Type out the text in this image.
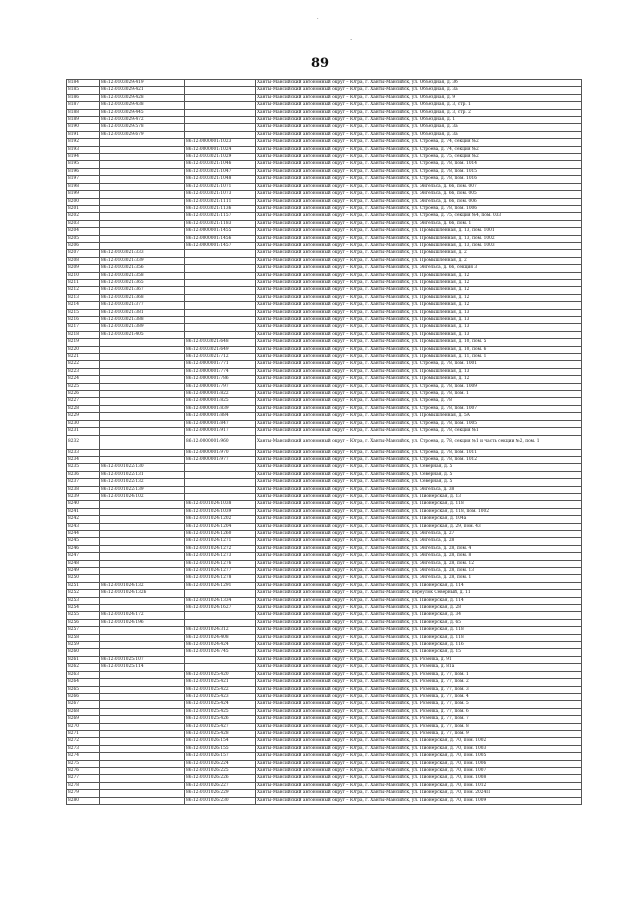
˙
·
89
8184	86:12:0103029:419		Ханты-Мансийский автономный округ – Югра, г. Ханты-Мансийск, ул. Объездная, д. 3б
8185	86:12:0103029:421		Ханты-Мансийский автономный округ – Югра, г. Ханты-Мансийск, ул. Объездная, д. 3а
8186	86:12:0103029:428		Ханты-Мансийский автономный округ – Югра, г. Ханты-Мансийск, ул. Объездная, д. 9
8187	86:12:0103029:438		Ханты-Мансийский автономный округ – Югра, г. Ханты-Мансийск, ул. Объездная, д. 3, стр. 1
8188	86:12:0103029:445		Ханты-Мансийский автономный округ – Югра, г. Ханты-Мансийск, ул. Объездная, д. 3, стр. 2
8189	86:12:0103029:472		Ханты-Мансийский автономный округ – Югра, г. Ханты-Мансийск, ул. Объездная, д. 1
8190	86:12:0103029:578		Ханты-Мансийский автономный округ – Югра, г. Ханты-Мансийск, ул. Объездная, д. 3а
8191	86:12:0103029:679		Ханты-Мансийский автономный округ – Югра, г. Ханты-Мансийск, ул. Объездная, д. 3а
8192		86:12:0000001:1023	Ханты-Мансийский автономный округ – Югра, г. Ханты-Мансийск, ул. Строева, д. 74, секция №2
8193		86:12:0000001:1024	Ханты-Мансийский автономный округ – Югра, г. Ханты-Мансийск, ул. Строева, д. 74, секция №2
8194		86:12:0103021:1029	Ханты-Мансийский автономный округ – Югра, г. Ханты-Мансийск, ул. Строева, д. 75, секция №2
8195		86:12:0103021:1046	Ханты-Мансийский автономный округ – Югра, г. Ханты-Мансийск, ул. Строева, д. 78, пом. 1014
8196		86:12:0103021:1047	Ханты-Мансийский автономный округ – Югра, г. Ханты-Мансийск, ул. Строева, д. 78, пом. 1015
8197		86:12:0103021:1048	Ханты-Мансийский автономный округ – Югра, г. Ханты-Мансийск, ул. Строева, д. 78, пом. 1016
8198		86:12:0103021:1071	Ханты-Мансийский автономный округ – Югра, г. Ханты-Мансийск, ул. Энгельса, д. 66, пом. 007
8199		86:12:0103021:1073	Ханты-Мансийский автономный округ – Югра, г. Ханты-Мансийск, ул. Энгельса, д. 66, пом. 005
8200		86:12:0103021:1111	Ханты-Мансийский автономный округ – Югра, г. Ханты-Мансийск, ул. Энгельса, д. 66, пом. 006
8201		86:12:0103021:1136	Ханты-Мансийский автономный округ – Югра, г. Ханты-Мансийск, ул. Строева, д. 78, пом. 1006
8202		86:12:0103021:1157	Ханты-Мансийский автономный округ – Югра, г. Ханты-Мансийск, ул. Строева, д. 75, секция №4, пом. 033
8203		86:12:0103021:1183	Ханты-Мансийский автономный округ – Югра, г. Ханты-Мансийск, ул. Энгельса, д. 66, пом. 1
8204		86:12:0000001:1455	Ханты-Мансийский автономный округ – Югра, г. Ханты-Мансийск, ул. Промышленная, д. 13, пом. 1001
8205		86:12:0000001:1456	Ханты-Мансийский автономный округ – Югра, г. Ханты-Мансийск, ул. Промышленная, д. 13, пом. 1002
8206		86:12:0000001:1457	Ханты-Мансийский автономный округ – Югра, г. Ханты-Мансийск, ул. Промышленная, д. 13, пом. 1003
8207	86:12:0103021:333		Ханты-Мансийский автономный округ – Югра, г. Ханты-Мансийск, ул. Промышленная, д. 2
8208	86:12:0103021:339		Ханты-Мансийский автономный округ – Югра, г. Ханты-Мансийск, ул. Промышленная, д. 2
8209	86:12:0103021:356		Ханты-Мансийский автономный округ – Югра, г. Ханты-Мансийск, ул. Энгельса, д. 66, секция 3
8210	86:12:0103021:358		Ханты-Мансийский автономный округ – Югра, г. Ханты-Мансийск, ул. Промышленная, д. 12
8211	86:12:0103021:365		Ханты-Мансийский автономный округ – Югра, г. Ханты-Мансийск, ул. Промышленная, д. 12
8212	86:12:0103021:367		Ханты-Мансийский автономный округ – Югра, г. Ханты-Мансийск, ул. Промышленная, д. 12
8213	86:12:0103021:368		Ханты-Мансийский автономный округ – Югра, г. Ханты-Мансийск, ул. Промышленная, д. 12
8214	86:12:0103021:377		Ханты-Мансийский автономный округ – Югра, г. Ханты-Мансийск, ул. Промышленная, д. 12
8215	86:12:0103021:381		Ханты-Мансийский автономный округ – Югра, г. Ханты-Мансийск, ул. Промышленная, д. 13
8216	86:12:0103021:388		Ханты-Мансийский автономный округ – Югра, г. Ханты-Мансийск, ул. Промышленная, д. 13
8217	86:12:0103021:389		Ханты-Мансийский автономный округ – Югра, г. Ханты-Мансийск, ул. Промышленная, д. 13
8218	86:12:0103021:405		Ханты-Мансийский автономный округ – Югра, г. Ханты-Мансийск, ул. Промышленная, д. 13
8219		86:12:0103021:648	Ханты-Мансийский автономный округ – Югра, г. Ханты-Мансийск, ул. Промышленная, д. 10, пом. 5
8220		86:12:0103021:649	Ханты-Мансийский автономный округ – Югра, г. Ханты-Мансийск, ул. Промышленная, д. 10, пом. 6
8221		86:12:0103021:712	Ханты-Мансийский автономный округ – Югра, г. Ханты-Мансийск, ул. Промышленная, д. 11, пом. 1
8222		86:12:0000001:771	Ханты-Мансийский автономный округ – Югра, г. Ханты-Мансийск, ул. Строева, д. 78, пом. 1001
8223		86:12:0000001:774	Ханты-Мансийский автономный округ – Югра, г. Ханты-Мансийск, ул. Промышленная, д. 13
8224		86:12:0000001:786	Ханты-Мансийский автономный округ – Югра, г. Ханты-Мансийск, ул. Промышленная, д. 12
8225		86:12:0000001:797	Ханты-Мансийский автономный округ – Югра, г. Ханты-Мансийск, ул. Строева, д. 78, пом. 1009
8226		86:12:0000001:822	Ханты-Мансийский автономный округ – Югра, г. Ханты-Мансийск, ул. Строева, д. 78, пом. 1
8227		86:12:0000001:825	Ханты-Мансийский автономный округ – Югра, г. Ханты-Мансийск, ул. Строева, д. 78
8228		86:12:0000001:839	Ханты-Мансийский автономный округ – Югра, г. Ханты-Мансийск, ул. Строева, д. 78, пом. 1007
8229		86:12:0000001:884	Ханты-Мансийский автономный округ – Югра, г. Ханты-Мансийск, ул. Промышленная, д. 5А
8230		86:12:0000001:847	Ханты-Мансийский автономный округ – Югра, г. Ханты-Мансийск, ул. Строева, д. 78, пом. 1005
8231		86:12:0000001:917	Ханты-Мансийский автономный округ – Югра, г. Ханты-Мансийск, ул. Строева, д. 78, секция №1
8232		86:12:0000001:960	Ханты-Мансийский автономный округ – Югра, г. Ханты-Мансийск, ул. Строева, д. 78, секция №1 и часть секции №2, пом. 1
8233		86:12:0000001:970	Ханты-Мансийский автономный округ – Югра, г. Ханты-Мансийск, ул. Строева, д. 78, пом. 1011
8234		86:12:0000001:977	Ханты-Мансийский автономный округ – Югра, г. Ханты-Мансийск, ул. Строева, д. 78, пом. 1012
8235	86:12:0101022:130		Ханты-Мансийский автономный округ – Югра, г. Ханты-Мансийск, ул. Северная, д. 5
8236	86:12:0101022:131		Ханты-Мансийский автономный округ – Югра, г. Ханты-Мансийск, ул. Северная, д. 5
8237	86:12:0101022:132		Ханты-Мансийский автономный округ – Югра, г. Ханты-Мансийск, ул. Северная, д. 5
8238	86:12:0101022:139		Ханты-Мансийский автономный округ – Югра, г. Ханты-Мансийск, ул. Энгельса, д. 38
8239	86:12:0101024:102		Ханты-Мансийский автономный округ – Югра, г. Ханты-Мансийск, ул. Пионерская, д. 13
8240		86:12:0101024:1038	Ханты-Мансийский автономный округ – Югра, г. Ханты-Мансийск, ул. Пионерская, д. 118
8241		86:12:0101024:1039	Ханты-Мансийский автономный округ – Югра, г. Ханты-Мансийск, ул. Пионерская, д. 118, пом. 1002
8242		86:12:0101024:1202	Ханты-Мансийский автономный округ – Югра, г. Ханты-Мансийск, ул. Пионерская, д. 104а
8243		86:12:0101024:1204	Ханты-Мансийский автономный округ – Югра, г. Ханты-Мансийск, ул. Пионерская, д. 29, пом. 43
8244		86:12:0101024:1260	Ханты-Мансийский автономный округ – Югра, г. Ханты-Мансийск, ул. Энгельса, д. 27
8245		86:12:0101024:1271	Ханты-Мансийский автономный округ – Югра, г. Ханты-Мансийск, ул. Энгельса, д. 28
8246		86:12:0101024:1272	Ханты-Мансийский автономный округ – Югра, г. Ханты-Мансийск, ул. Энгельса, д. 28, пом. 4
8247		86:12:0101024:1273	Ханты-Мансийский автономный округ – Югра, г. Ханты-Мансийск, ул. Энгельса, д. 28, пом. 8
8248		86:12:0101024:1276	Ханты-Мансийский автономный округ – Югра, г. Ханты-Мансийск, ул. Энгельса, д. 28, пом. 12
8249		86:12:0101024:1277	Ханты-Мансийский автономный округ – Югра, г. Ханты-Мансийск, ул. Энгельса, д. 28, пом. 13
8250		86:12:0101024:1278	Ханты-Мансийский автономный округ – Югра, г. Ханты-Мансийск, ул. Энгельса, д. 28, пом. 1
8251	86:12:0101024:132	86:12:0101024:1291	Ханты-Мансийский автономный округ – Югра, г. Ханты-Мансийск, ул. Пионерская, д. 114
8252	86:12:0101024:1326		Ханты-Мансийский автономный округ – Югра, г. Ханты-Мансийск, переулок Северный, д. 11
8253		86:12:0101024:1334	Ханты-Мансийский автономный округ – Югра, г. Ханты-Мансийск, ул. Пионерская, д. 114
8254		86:12:0101024:1627	Ханты-Мансийский автономный округ – Югра, г. Ханты-Мансийск, ул. Пионерская, д. 28
8255	86:12:0101024:172		Ханты-Мансийский автономный округ – Югра, г. Ханты-Мансийск, ул. Пионерская, д. 34
8256	86:12:0101024:196		Ханты-Мансийский автономный округ – Югра, г. Ханты-Мансийск, ул. Пионерская, д. 65
8257		86:12:0101024:312	Ханты-Мансийский автономный округ – Югра, г. Ханты-Мансийск, ул. Пионерская, д. 118
8258		86:12:0101024:408	Ханты-Мансийский автономный округ – Югра, г. Ханты-Мансийск, ул. Пионерская, д. 118
8259		86:12:0101024:424	Ханты-Мансийский автономный округ – Югра, г. Ханты-Мансийск, ул. Пионерская, д. 116
8260		86:12:0101024:745	Ханты-Мансийский автономный округ – Югра, г. Ханты-Мансийск, ул. Пионерская, д. 15
8261	86:12:0101025:107		Ханты-Мансийский автономный округ – Югра, г. Ханты-Мансийск, ул. Розенка, д. 91
8262	86:12:0101025:114		Ханты-Мансийский автономный округ – Югра, г. Ханты-Мансийск, ул. Розенка, д. 81а
8263		86:12:0101025:420	Ханты-Мансийский автономный округ – Югра, г. Ханты-Мансийск, ул. Розенка, д. 77, пом. 1
8264		86:12:0101025:421	Ханты-Мансийский автономный округ – Югра, г. Ханты-Мансийск, ул. Розенка, д. 77, пом. 2
8265		86:12:0101025:422	Ханты-Мансийский автономный округ – Югра, г. Ханты-Мансийск, ул. Розенка, д. 77, пом. 3
8266		86:12:0101025:423	Ханты-Мансийский автономный округ – Югра, г. Ханты-Мансийск, ул. Розенка, д. 77, пом. 4
8267		86:12:0101025:424	Ханты-Мансийский автономный округ – Югра, г. Ханты-Мансийск, ул. Розенка, д. 77, пом. 5
8268		86:12:0101025:425	Ханты-Мансийский автономный округ – Югра, г. Ханты-Мансийск, ул. Розенка, д. 77, пом. 6
8269		86:12:0101025:426	Ханты-Мансийский автономный округ – Югра, г. Ханты-Мансийск, ул. Розенка, д. 77, пом. 7
8270		86:12:0101025:427	Ханты-Мансийский автономный округ – Югра, г. Ханты-Мансийск, ул. Розенка, д. 77, пом. 8
8271		86:12:0101025:428	Ханты-Мансийский автономный округ – Югра, г. Ханты-Мансийск, ул. Розенка, д. 77, пом. 9
8272		86:12:0101026:154	Ханты-Мансийский автономный округ – Югра, г. Ханты-Мансийск, ул. Пионерская, д. 70, пом. 1002
8273		86:12:0101026:155	Ханты-Мансийский автономный округ – Югра, г. Ханты-Мансийск, ул. Пионерская, д. 70, пом. 1003
8274		86:12:0101026:157	Ханты-Мансийский автономный округ – Югра, г. Ханты-Мансийск, ул. Пионерская, д. 70, пом. 1005
8275		86:12:0101026:224	Ханты-Мансийский автономный округ – Югра, г. Ханты-Мансийск, ул. Пионерская, д. 70, пом. 1006
8276		86:12:0101026:225	Ханты-Мансийский автономный округ – Югра, г. Ханты-Мансийск, ул. Пионерская, д. 70, пом. 1007
8277		86:12:0101026:226	Ханты-Мансийский автономный округ – Югра, г. Ханты-Мансийск, ул. Пионерская, д. 70, пом. 1008
8278		86:12:0101026:227	Ханты-Мансийский автономный округ – Югра, г. Ханты-Мансийск, ул. Пионерская, д. 70, пом. 1012
8279		86:12:0101026:229	Ханты-Мансийский автономный округ – Югра, г. Ханты-Мансийск, ул. Пионерская, д. 70, пом. 2024П
8280		86:12:0101026:230	Ханты-Мансийский автономный округ – Югра, г. Ханты-Мансийск, ул. Пионерская, д. 70, пом. 1009
